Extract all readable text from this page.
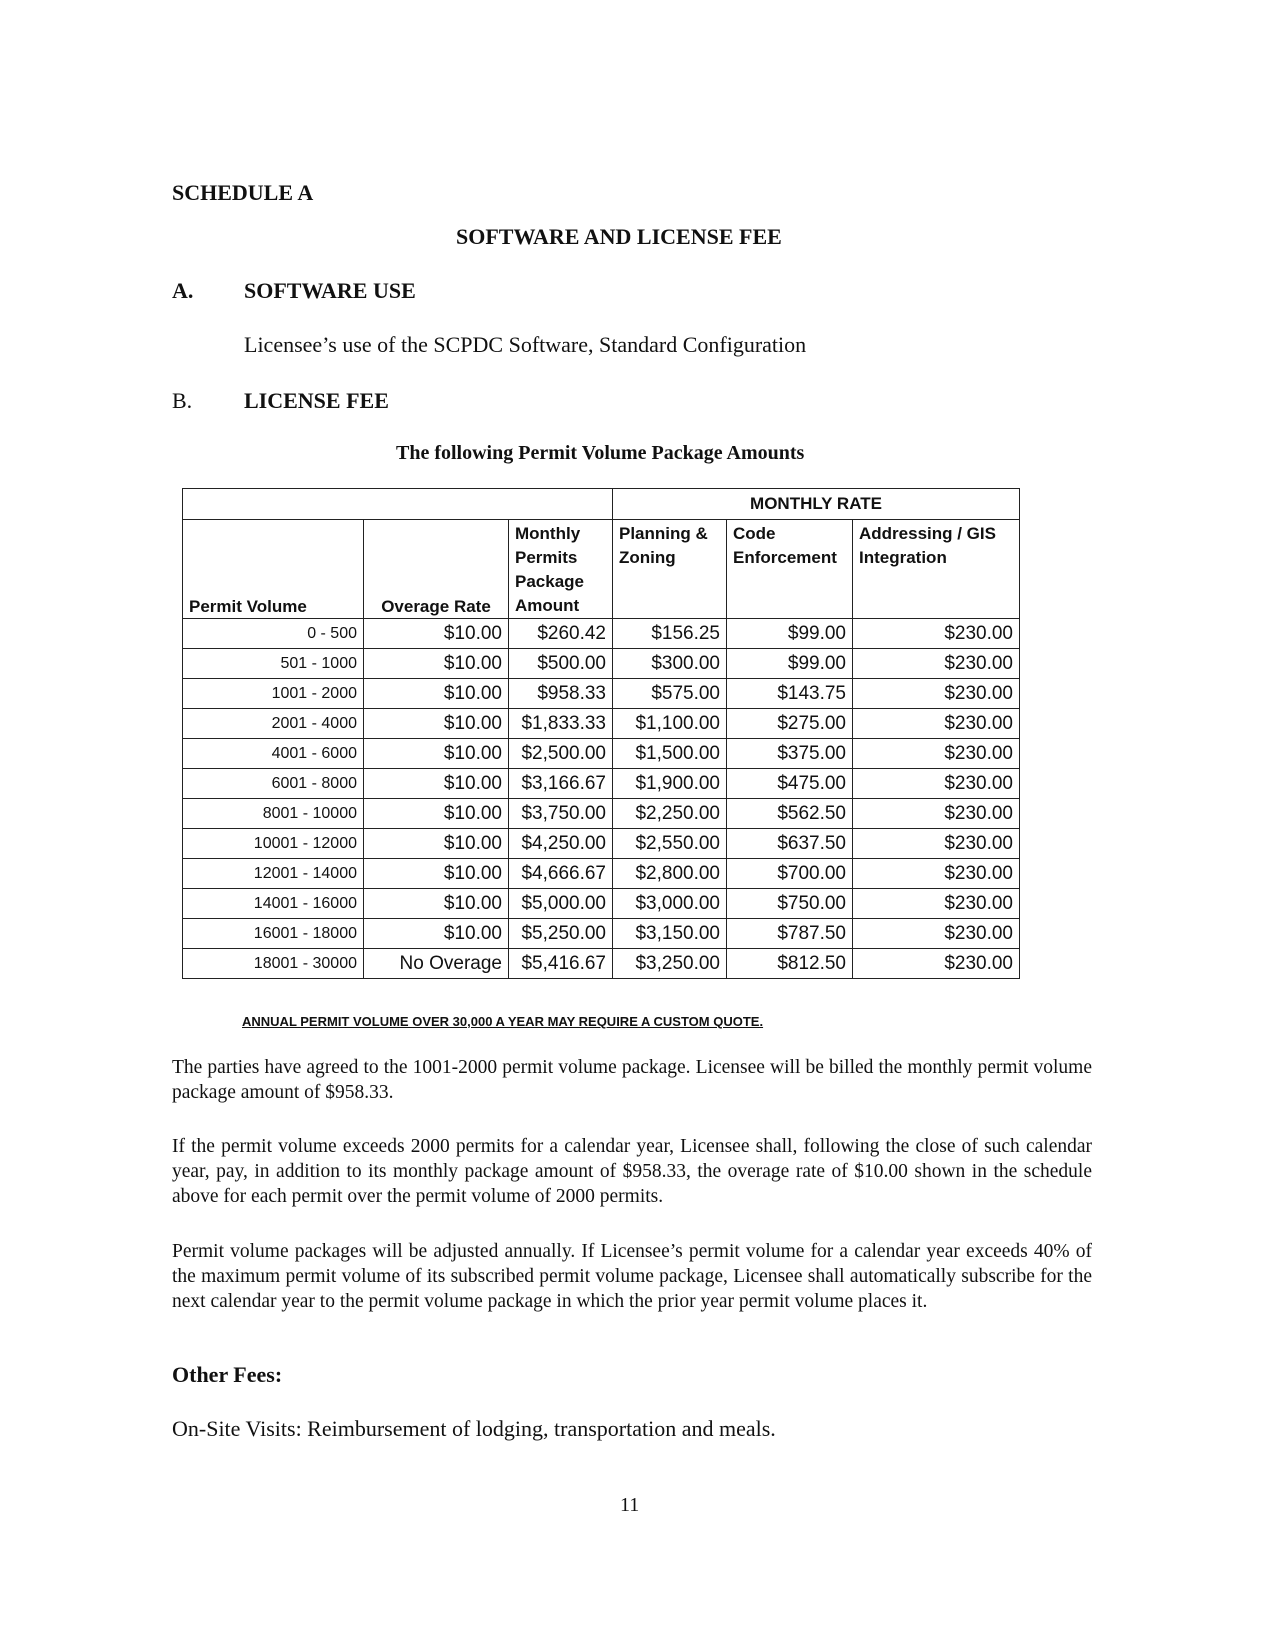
SCHEDULE A
SOFTWARE AND LICENSE FEE
A. SOFTWARE USE
Licensee’s use of the SCPDC Software, Standard Configuration
B. LICENSE FEE
The following Permit Volume Package Amounts
			MONTHLY RATE		
Permit Volume	Overage Rate	Monthly Permits Package Amount	Planning & Zoning	Code Enforcement	Addressing / GIS Integration
0 - 500	$10.00	$260.42	$156.25	$99.00	$230.00
501 - 1000	$10.00	$500.00	$300.00	$99.00	$230.00
1001 - 2000	$10.00	$958.33	$575.00	$143.75	$230.00
2001 - 4000	$10.00	$1,833.33	$1,100.00	$275.00	$230.00
4001 - 6000	$10.00	$2,500.00	$1,500.00	$375.00	$230.00
6001 - 8000	$10.00	$3,166.67	$1,900.00	$475.00	$230.00
8001 - 10000	$10.00	$3,750.00	$2,250.00	$562.50	$230.00
10001 - 12000	$10.00	$4,250.00	$2,550.00	$637.50	$230.00
12001 - 14000	$10.00	$4,666.67	$2,800.00	$700.00	$230.00
14001 - 16000	$10.00	$5,000.00	$3,000.00	$750.00	$230.00
16001 - 18000	$10.00	$5,250.00	$3,150.00	$787.50	$230.00
18001 - 30000	No Overage	$5,416.67	$3,250.00	$812.50	$230.00
ANNUAL PERMIT VOLUME OVER 30,000 A YEAR MAY REQUIRE A CUSTOM QUOTE.
The parties have agreed to the 1001-2000 permit volume package. Licensee will be billed the monthly permit volume package amount of $958.33.
If the permit volume exceeds 2000 permits for a calendar year, Licensee shall, following the close of such calendar year, pay, in addition to its monthly package amount of $958.33, the overage rate of $10.00 shown in the schedule above for each permit over the permit volume of 2000 permits.
Permit volume packages will be adjusted annually. If Licensee’s permit volume for a calendar year exceeds 40% of the maximum permit volume of its subscribed permit volume package, Licensee shall automatically subscribe for the next calendar year to the permit volume package in which the prior year permit volume places it.
Other Fees:
On-Site Visits: Reimbursement of lodging, transportation and meals.
11
